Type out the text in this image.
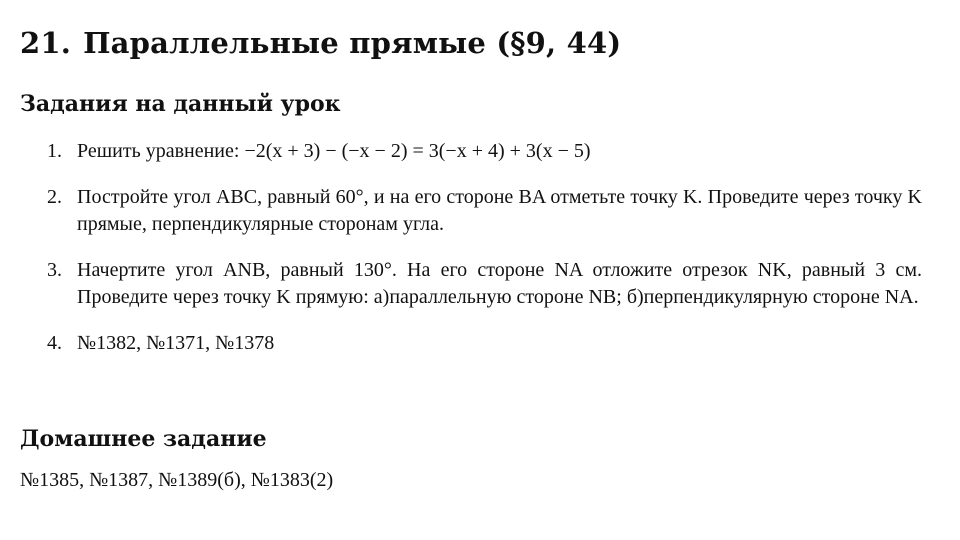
21. Параллельные прямые (§9, 44)
Задания на данный урок
1. Решить уравнение: −2(x + 3) − (−x − 2) = 3(−x + 4) + 3(x − 5)
2. Постройте угол ABC, равный 60°, и на его стороне BA отметьте точку K. Проведите через точку K прямые, перпендикулярные сторонам угла.
3. Начертите угол ANB, равный 130°. На его стороне NA отложите отрезок NK, равный 3 см. Проведите через точку K прямую: а)параллельную стороне NB; б)перпендикулярную стороне NA.
4. №1382, №1371, №1378
Домашнее задание

№1385, №1387, №1389(б), №1383(2)
